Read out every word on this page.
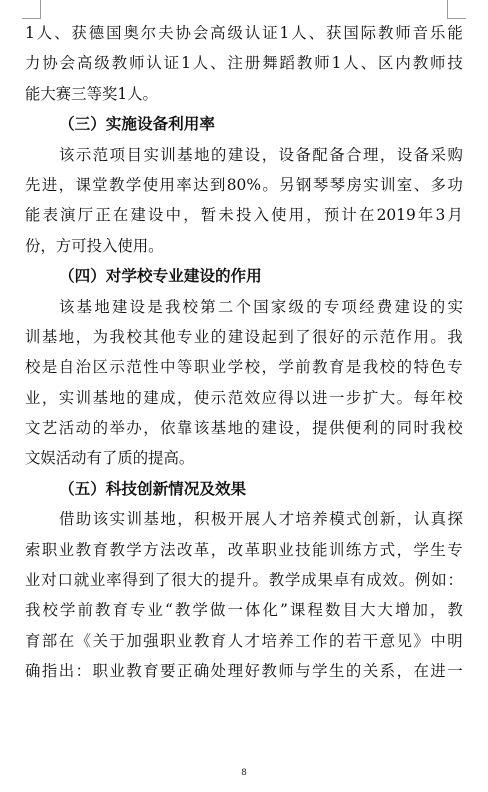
1 人 、 获 德 国 奥 尔 夫 协 会 高 级 认 证 1 人 、 获 国 际 教 师 音 乐 能
力 协 会 高 级 教 师 认 证 1 人 、 注 册 舞 蹈 教 师 1 人 、 区 内 教 师 技
能大赛三等奖1人。
（三）实施设备利用率
该 示 范 项 目 实 训 基 地 的 建 设 ， 设 备 配 备 合 理 ， 设 备 采 购
先 进 ， 课 堂 教 学 使 用 率 达 到 80% 。 另 钢 琴 琴 房 实 训 室 、 多 功
能 表 演 厅 正 在 建 设 中 ， 暂 未 投 入 使 用 ， 预 计 在 2019 年 3 月
份，方可投入使用。
（四）对学校专业建设的作用
该 基 地 建 设 是 我 校 第 二 个 国 家 级 的 专 项 经 费 建 设 的 实
训 基 地 ， 为 我 校 其 他 专 业 的 建 设 起 到 了 很 好 的 示 范 作 用 。 我
校 是 自 治 区 示 范 性 中 等 职 业 学 校 ， 学 前 教 育 是 我 校 的 特 色 专
业 ， 实 训 基 地 的 建 成 ， 使 示 范 效 应 得 以 进 一 步 扩 大 。 每 年 校
文 艺 活 动 的 举 办 ， 依 靠 该 基 地 的 建 设 ， 提 供 便 利 的 同 时 我 校
文娱活动有了质的提高。
（五）科技创新情况及效果
借 助 该 实 训 基 地 ， 积 极 开 展 人 才 培 养 模 式 创 新 ， 认 真 探
索 职 业 教 育 教 学 方 法 改 革 ， 改 革 职 业 技 能 训 练 方 式 ， 学 生 专
业 对 口 就 业 率 得 到 了 很 大 的 提 升 。 教 学 成 果 卓 有 成 效 。 例 如 ：
我 校 学 前 教 育 专 业 “ 教 学 做 一 体 化 ” 课 程 数 目 大 大 增 加 ， 教
育 部 在 《 关 于 加 强 职 业 教 育 人 才 培 养 工 作 的 若 干 意 见 》 中 明
确 指 出 ： 职 业 教 育 要 正 确 处 理 好 教 师 与 学 生 的 关 系 ， 在 进 一
8
